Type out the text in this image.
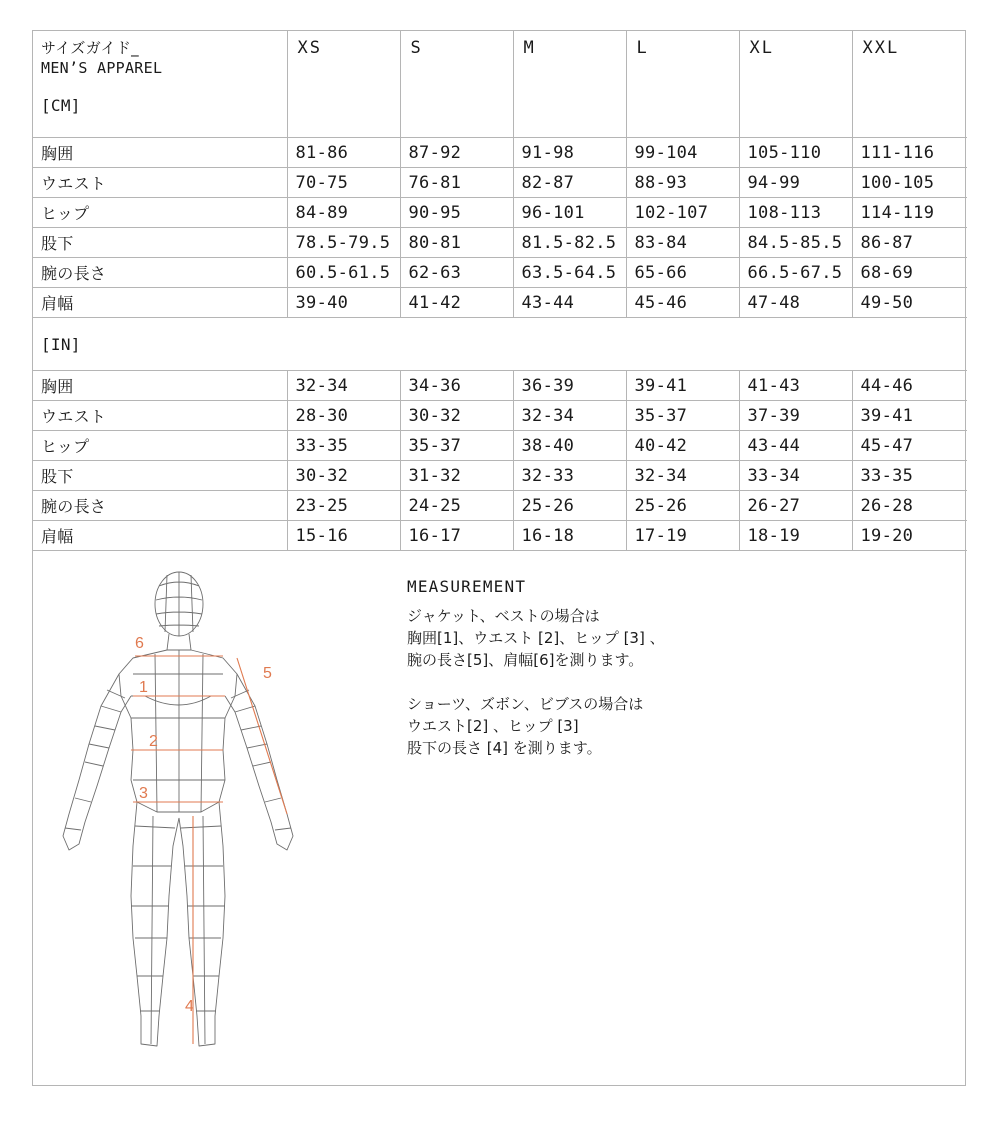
サイズガイド_
MEN’S APPAREL
[CM]	XS	S	M	L	XL	XXL

胸囲	81-86	87-92	91-98	99-104	105-110	111-116
ウエスト	70-75	76-81	82-87	88-93	94-99	100-105
ヒップ	84-89	90-95	96-101	102-107	108-113	114-119
股下	78.5-79.5	80-81	81.5-82.5	83-84	84.5-85.5	86-87
腕の長さ	60.5-61.5	62-63	63.5-64.5	65-66	66.5-67.5	68-69
肩幅	39-40	41-42	43-44	45-46	47-48	49-50
[IN]						
胸囲	32-34	34-36	36-39	39-41	41-43	44-46
ウエスト	28-30	30-32	32-34	35-37	37-39	39-41
ヒップ	33-35	35-37	38-40	40-42	43-44	45-47
股下	30-32	31-32	32-33	32-34	33-34	33-35
腕の長さ	23-25	24-25	25-26	25-26	26-27	26-28
肩幅	15-16	16-17	16-18	17-19	18-19	19-20
6
1
2
3
4
5
MEASUREMENT

ジャケット、ベストの場合は

胸囲[1]、ウエスト [2]、ヒップ [3] 、

腕の長さ[5]、肩幅[6]を測ります。

ショーツ、ズボン、ビブスの場合は

ウエスト[2] 、ヒップ [3]

股下の長さ [4] を測ります。
